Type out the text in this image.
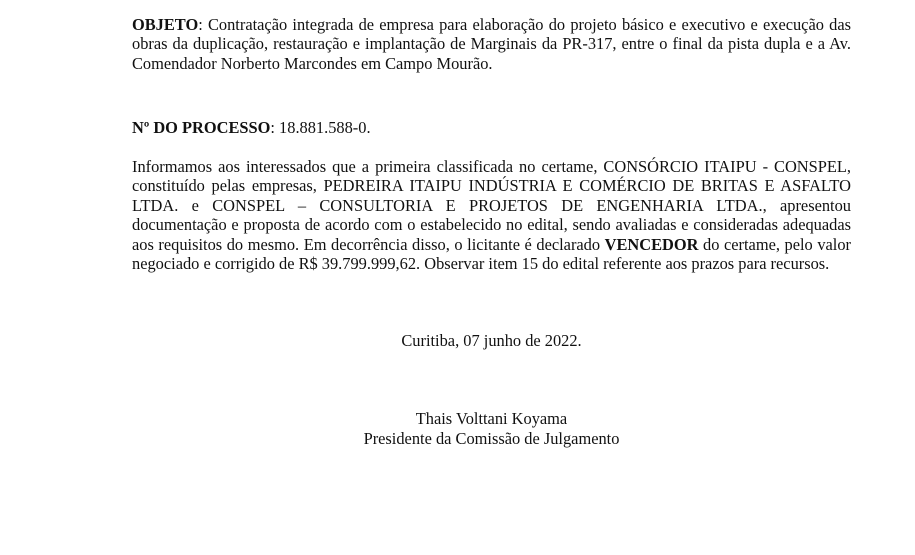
OBJETO: Contratação integrada de empresa para elaboração do projeto básico e executivo e execução das obras da duplicação, restauração e implantação de Marginais da PR-317, entre o final da pista dupla e a Av. Comendador Norberto Marcondes em Campo Mourão.

Nº DO PROCESSO: 18.881.588-0.

Informamos aos interessados que a primeira classificada no certame, CONSÓRCIO ITAIPU - CONSPEL, constituído pelas empresas, PEDREIRA ITAIPU INDÚSTRIA E COMÉRCIO DE BRITAS E ASFALTO LTDA. e CONSPEL – CONSULTORIA E PROJETOS DE ENGENHARIA LTDA., apresentou documentação e proposta de acordo com o estabelecido no edital, sendo avaliadas e consideradas adequadas aos requisitos do mesmo. Em decorrência disso, o licitante é declarado VENCEDOR do certame, pelo valor negociado e corrigido de R$ 39.799.999,62. Observar item 15 do edital referente aos prazos para recursos.

Curitiba, 07 junho de 2022.

Thais Volttani Koyama

Presidente da Comissão de Julgamento
